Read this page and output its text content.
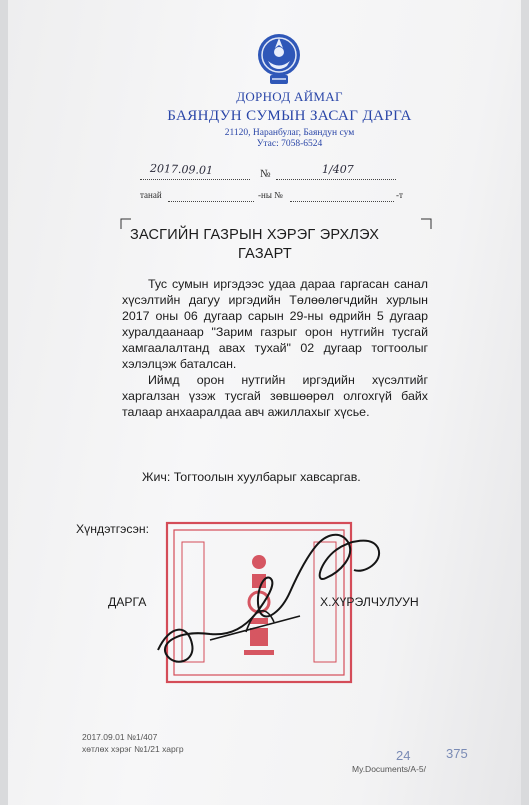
ДОРНОД АЙМАГ
БАЯНДУН СУМЫН ЗАСАГ ДАРГА
21120, Наранбулаг, Баяндун сум
Утас: 7058-6524
2017.09.01	№	1/407
танай	-ны №	-т
ЗАСГИЙН ГАЗРЫН ХЭРЭГ ЭРХЛЭХ
ГАЗАРТ

Тус сумын иргэдээс удаа дараа гаргасан санал хүсэлтийн дагуу иргэдийн Төлөөлөгчдийн хурлын 2017 оны 06 дугаар сарын 29-ны өдрийн 5 дугаар хуралдаанаар "Зарим газрыг орон нутгийн тусгай хамгаалалтанд авах тухай" 02 дугаар тогтоолыг хэлэлцэж баталсан.

Иймд орон нутгийн иргэдийн хүсэлтийг харгалзан үзэж тусгай зөвшөөрөл олгохгүй байх талаар анхааралдаа авч ажиллахыг хүсье.

Жич: Тогтоолын хуулбарыг хавсаргав.
Хүндэтгэсэн:
ДАРГА	Х.ХҮРЭЛЧУЛУУН
2017.09.01 №1/407
хөтлөх хэрэг №1/21 харгр	24	375
My.Documents/A-5/
